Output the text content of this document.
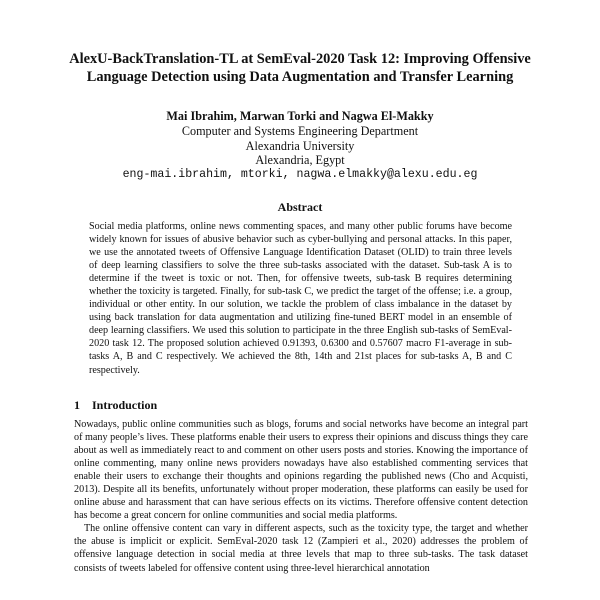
AlexU-BackTranslation-TL at SemEval-2020 Task 12: Improving Offensive Language Detection using Data Augmentation and Transfer Learning
Mai Ibrahim, Marwan Torki and Nagwa El-Makky
Computer and Systems Engineering Department
Alexandria University
Alexandria, Egypt
eng-mai.ibrahim, mtorki, nagwa.elmakky@alexu.edu.eg
Abstract

Social media platforms, online news commenting spaces, and many other public forums have become widely known for issues of abusive behavior such as cyber-bullying and personal attacks. In this paper, we use the annotated tweets of Offensive Language Identification Dataset (OLID) to train three levels of deep learning classifiers to solve the three sub-tasks associated with the dataset. Sub-task A is to determine if the tweet is toxic or not. Then, for offensive tweets, sub-task B requires determining whether the toxicity is targeted. Finally, for sub-task C, we predict the target of the offense; i.e. a group, individual or other entity. In our solution, we tackle the problem of class imbalance in the dataset by using back translation for data augmentation and utilizing fine-tuned BERT model in an ensemble of deep learning classifiers. We used this solution to participate in the three English sub-tasks of SemEval-2020 task 12. The proposed solution achieved 0.91393, 0.6300 and 0.57607 macro F1-average in sub-tasks A, B and C respectively. We achieved the 8th, 14th and 21st places for sub-tasks A, B and C respectively.

1 Introduction

Nowadays, public online communities such as blogs, forums and social networks have become an integral part of many people’s lives. These platforms enable their users to express their opinions and discuss things they care about as well as immediately react to and comment on other users posts and stories. Knowing the importance of online commenting, many online news providers nowadays have also established commenting services that enable their users to exchange their thoughts and opinions regarding the published news (Cho and Acquisti, 2013). Despite all its benefits, unfortunately without proper moderation, these platforms can easily be used for online abuse and harassment that can have serious effects on its victims. Therefore offensive content detection has become a great concern for online communities and social media platforms.

The online offensive content can vary in different aspects, such as the toxicity type, the target and whether the abuse is implicit or explicit. SemEval-2020 task 12 (Zampieri et al., 2020) addresses the problem of offensive language detection in social media at three levels that map to three sub-tasks. The task dataset consists of tweets labeled for offensive content using three-level hierarchical annotation
